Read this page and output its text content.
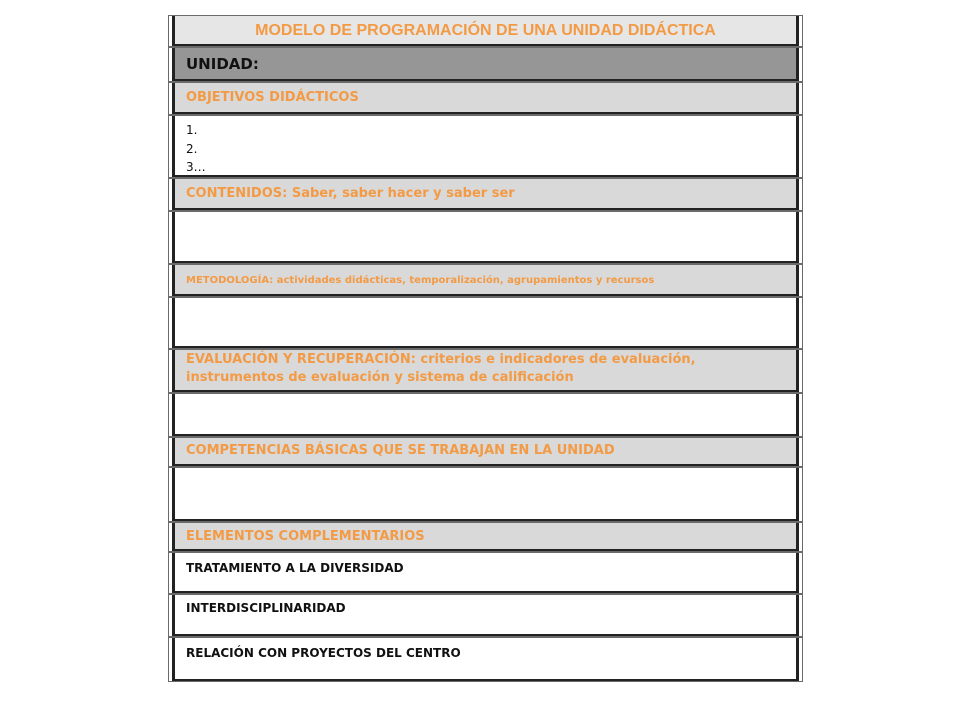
MODELO DE PROGRAMACIÓN DE UNA UNIDAD DIDÁCTICA
UNIDAD:
OBJETIVOS DIDÁCTICOS
1.
2.
3…
CONTENIDOS: Saber, saber hacer y saber ser
METODOLOGÍA: actividades didácticas, temporalización, agrupamientos y recursos
EVALUACIÓN Y RECUPERACIÓN: criterios e indicadores de evaluación,
instrumentos de evaluación y sistema de calificación
COMPETENCIAS BÁSICAS QUE SE TRABAJAN EN LA UNIDAD
ELEMENTOS COMPLEMENTARIOS
TRATAMIENTO A LA DIVERSIDAD
INTERDISCIPLINARIDAD
RELACIÓN CON PROYECTOS DEL CENTRO
